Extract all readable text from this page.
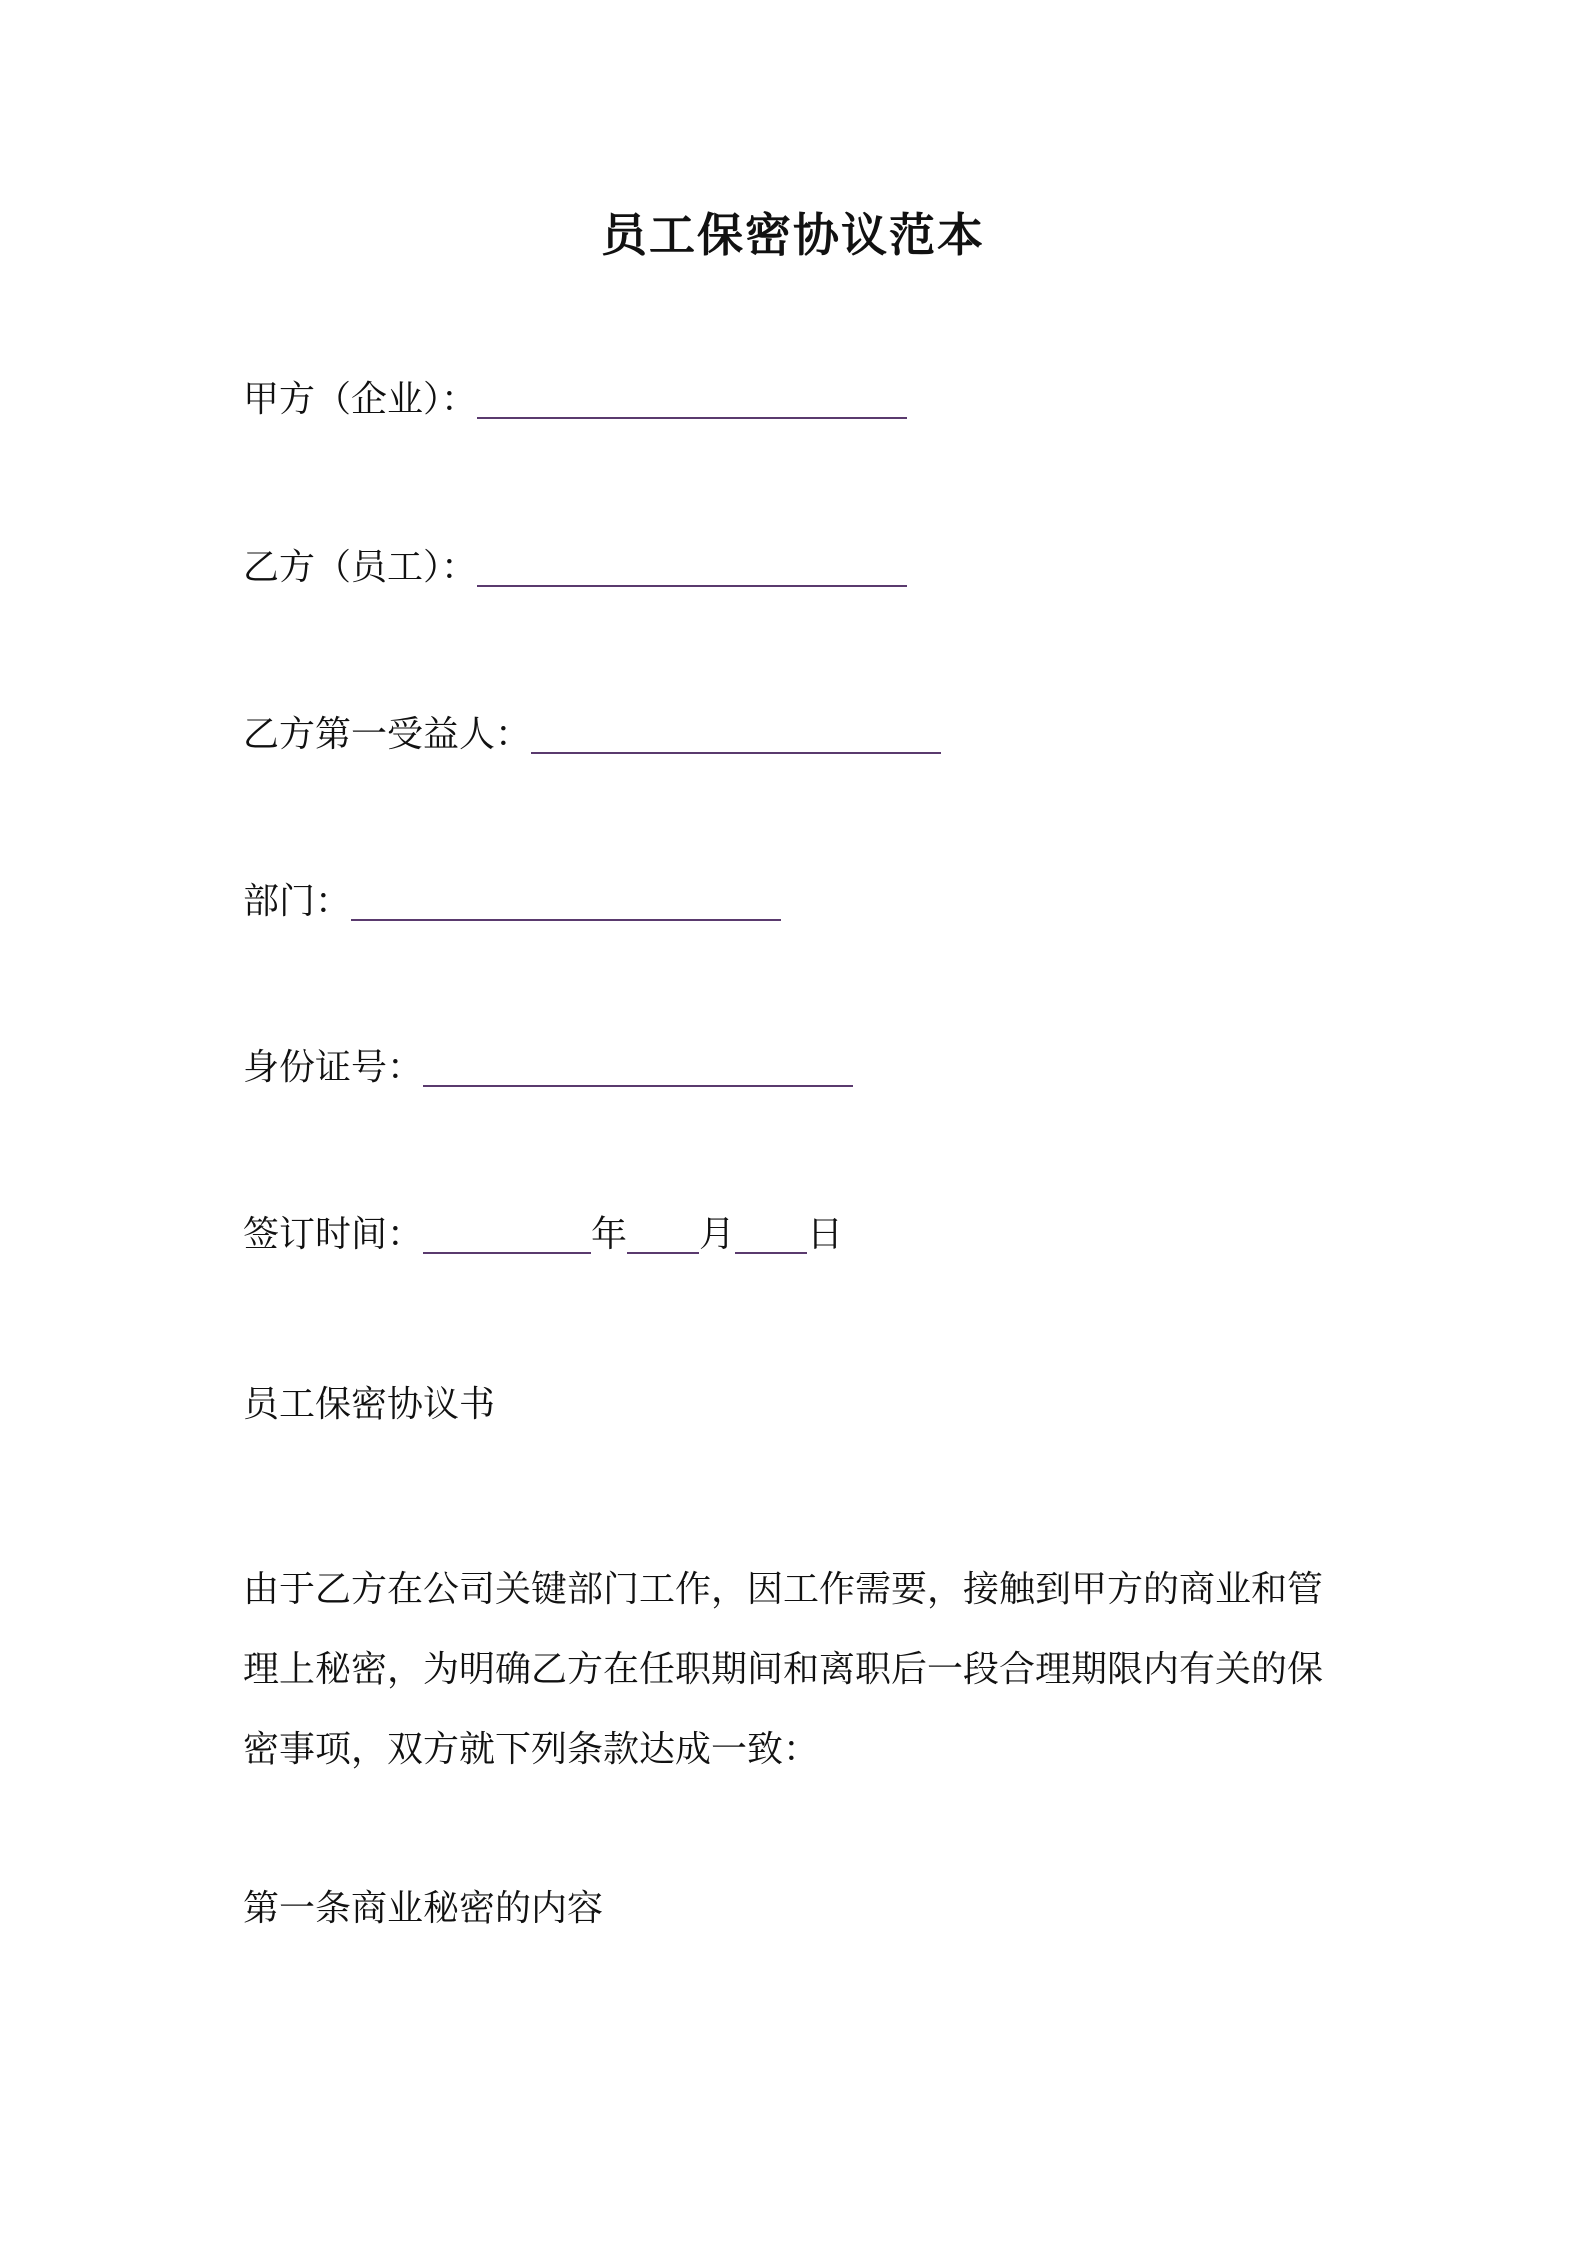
员工保密协议范本
甲方（企业）：
乙方（员工）：
乙方第一受益人：
部门：
身份证号：
签订时间：	年 月 日
员工保密协议书
由于乙方在公司关键部门工作，因工作需要，接触到甲方的商业和管
理上秘密，为明确乙方在任职期间和离职后一段合理期限内有关的保
密事项，双方就下列条款达成一致：
第一条商业秘密的内容
